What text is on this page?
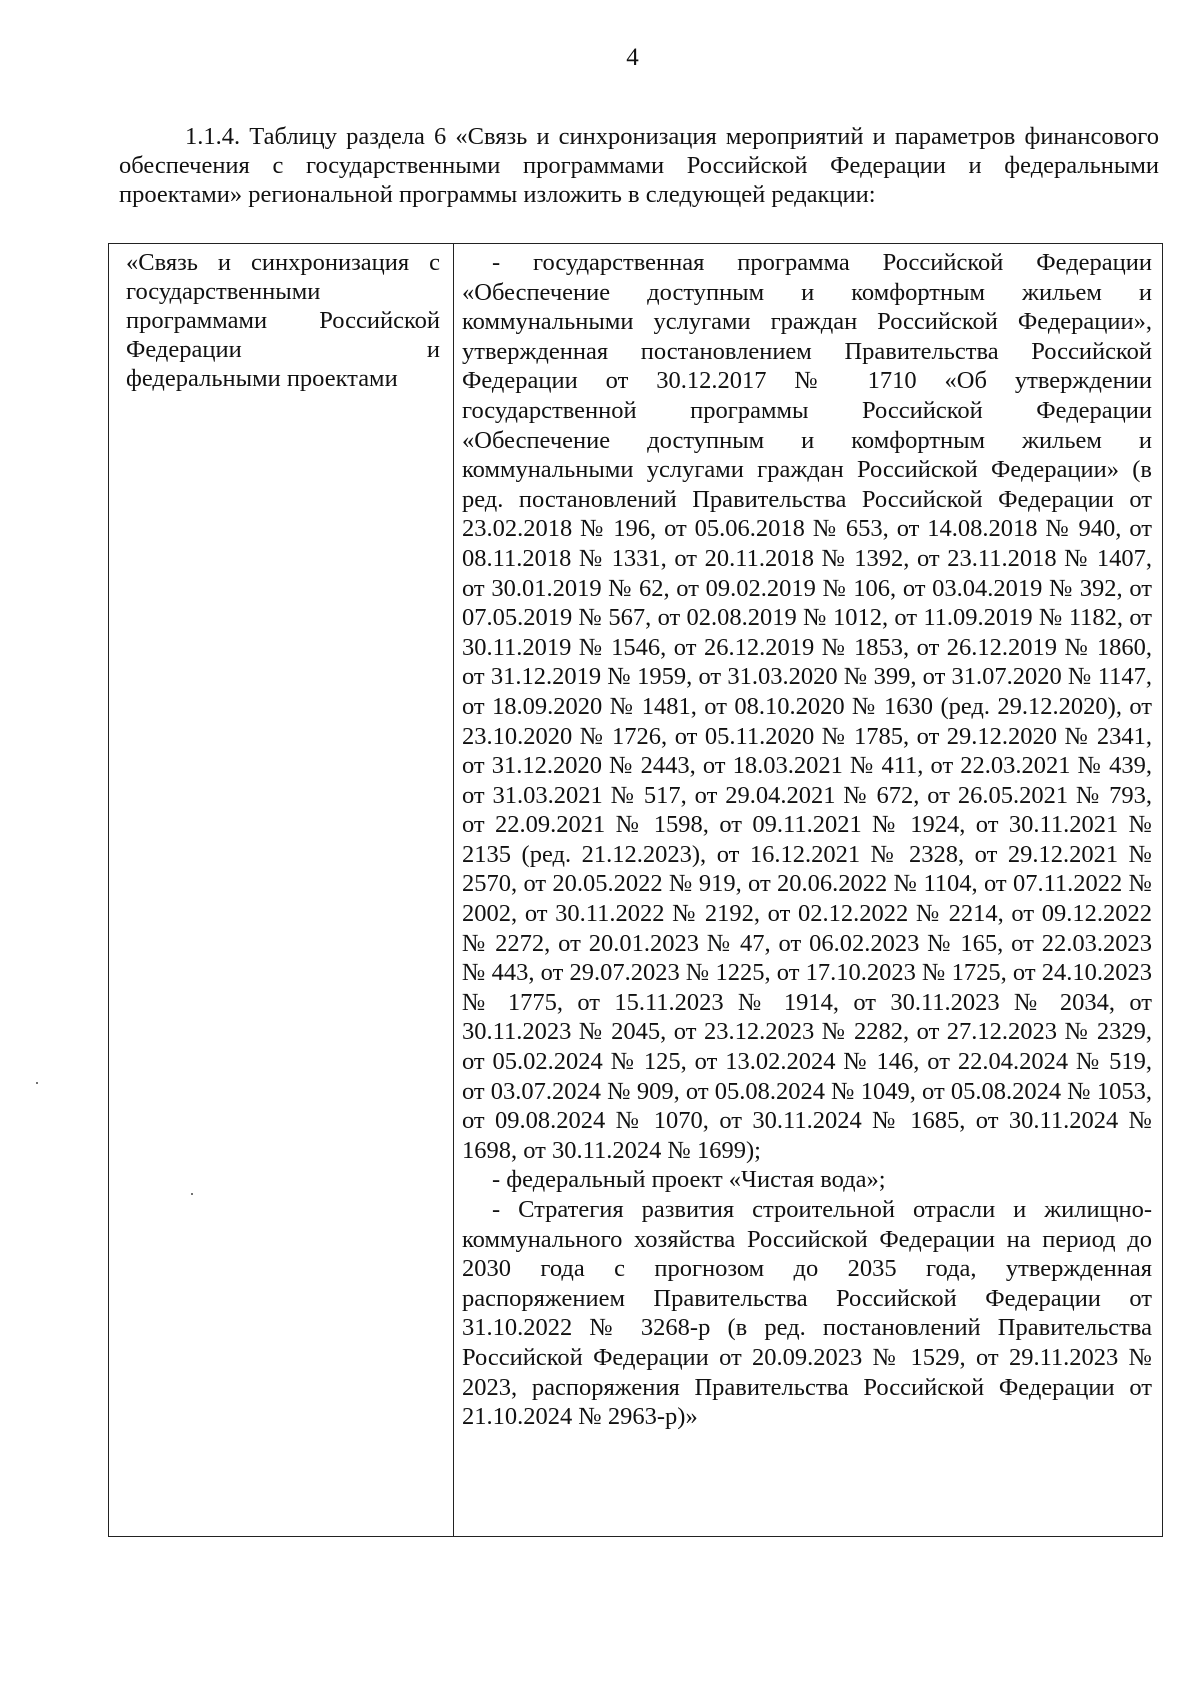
4
1.1.4. Таблицу раздела 6 «Связь и синхронизация мероприятий и параметров финансового обеспечения с государственными программами Российской Федерации и федеральными проектами» региональной программы изложить в следующей редакции:
«Связь и синхронизация с
государственными
программами Российской
Федерации и
федеральными проектами
- государственная программа Российской Федерации «Обеспечение доступным и комфортным жильем и коммунальными услугами граждан Российской Федерации», утвержденная постановлением Правительства Российской Федерации от 30.12.2017 № 1710 «Об утверждении государственной программы Российской Федерации «Обеспечение доступным и комфортным жильем и коммунальными услугами граждан Российской Федерации» (в ред. постановлений Правительства Российской Федерации от 23.02.2018 № 196, от 05.06.2018 № 653, от 14.08.2018 № 940, от 08.11.2018 № 1331, от 20.11.2018 № 1392, от 23.11.2018 № 1407, от 30.01.2019 № 62, от 09.02.2019 № 106, от 03.04.2019 № 392, от 07.05.2019 № 567, от 02.08.2019 № 1012, от 11.09.2019 № 1182, от 30.11.2019 № 1546, от 26.12.2019 № 1853, от 26.12.2019 № 1860, от 31.12.2019 № 1959, от 31.03.2020 № 399, от 31.07.2020 № 1147, от 18.09.2020 № 1481, от 08.10.2020 № 1630 (ред. 29.12.2020), от 23.10.2020 № 1726, от 05.11.2020 № 1785, от 29.12.2020 № 2341, от 31.12.2020 № 2443, от 18.03.2021 № 411, от 22.03.2021 № 439, от 31.03.2021 № 517, от 29.04.2021 № 672, от 26.05.2021 № 793, от 22.09.2021 № 1598, от 09.11.2021 № 1924, от 30.11.2021 № 2135 (ред. 21.12.2023), от 16.12.2021 № 2328, от 29.12.2021 № 2570, от 20.05.2022 № 919, от 20.06.2022 № 1104, от 07.11.2022 № 2002, от 30.11.2022 № 2192, от 02.12.2022 № 2214, от 09.12.2022 № 2272, от 20.01.2023 № 47, от 06.02.2023 № 165, от 22.03.2023 № 443, от 29.07.2023 № 1225, от 17.10.2023 № 1725, от 24.10.2023 № 1775, от 15.11.2023 № 1914, от 30.11.2023 № 2034, от 30.11.2023 № 2045, от 23.12.2023 № 2282, от 27.12.2023 № 2329, от 05.02.2024 № 125, от 13.02.2024 № 146, от 22.04.2024 № 519, от 03.07.2024 № 909, от 05.08.2024 № 1049, от 05.08.2024 № 1053, от 09.08.2024 № 1070, от 30.11.2024 № 1685, от 30.11.2024 № 1698, от 30.11.2024 № 1699);
- федеральный проект «Чистая вода»;
- Стратегия развития строительной отрасли и жилищно-коммунального хозяйства Российской Федерации на период до 2030 года с прогнозом до 2035 года, утвержденная распоряжением Правительства Российской Федерации от 31.10.2022 № 3268-р (в ред. постановлений Правительства Российской Федерации от 20.09.2023 № 1529, от 29.11.2023 № 2023, распоряжения Правительства Российской Федерации от 21.10.2024 № 2963-р)»
